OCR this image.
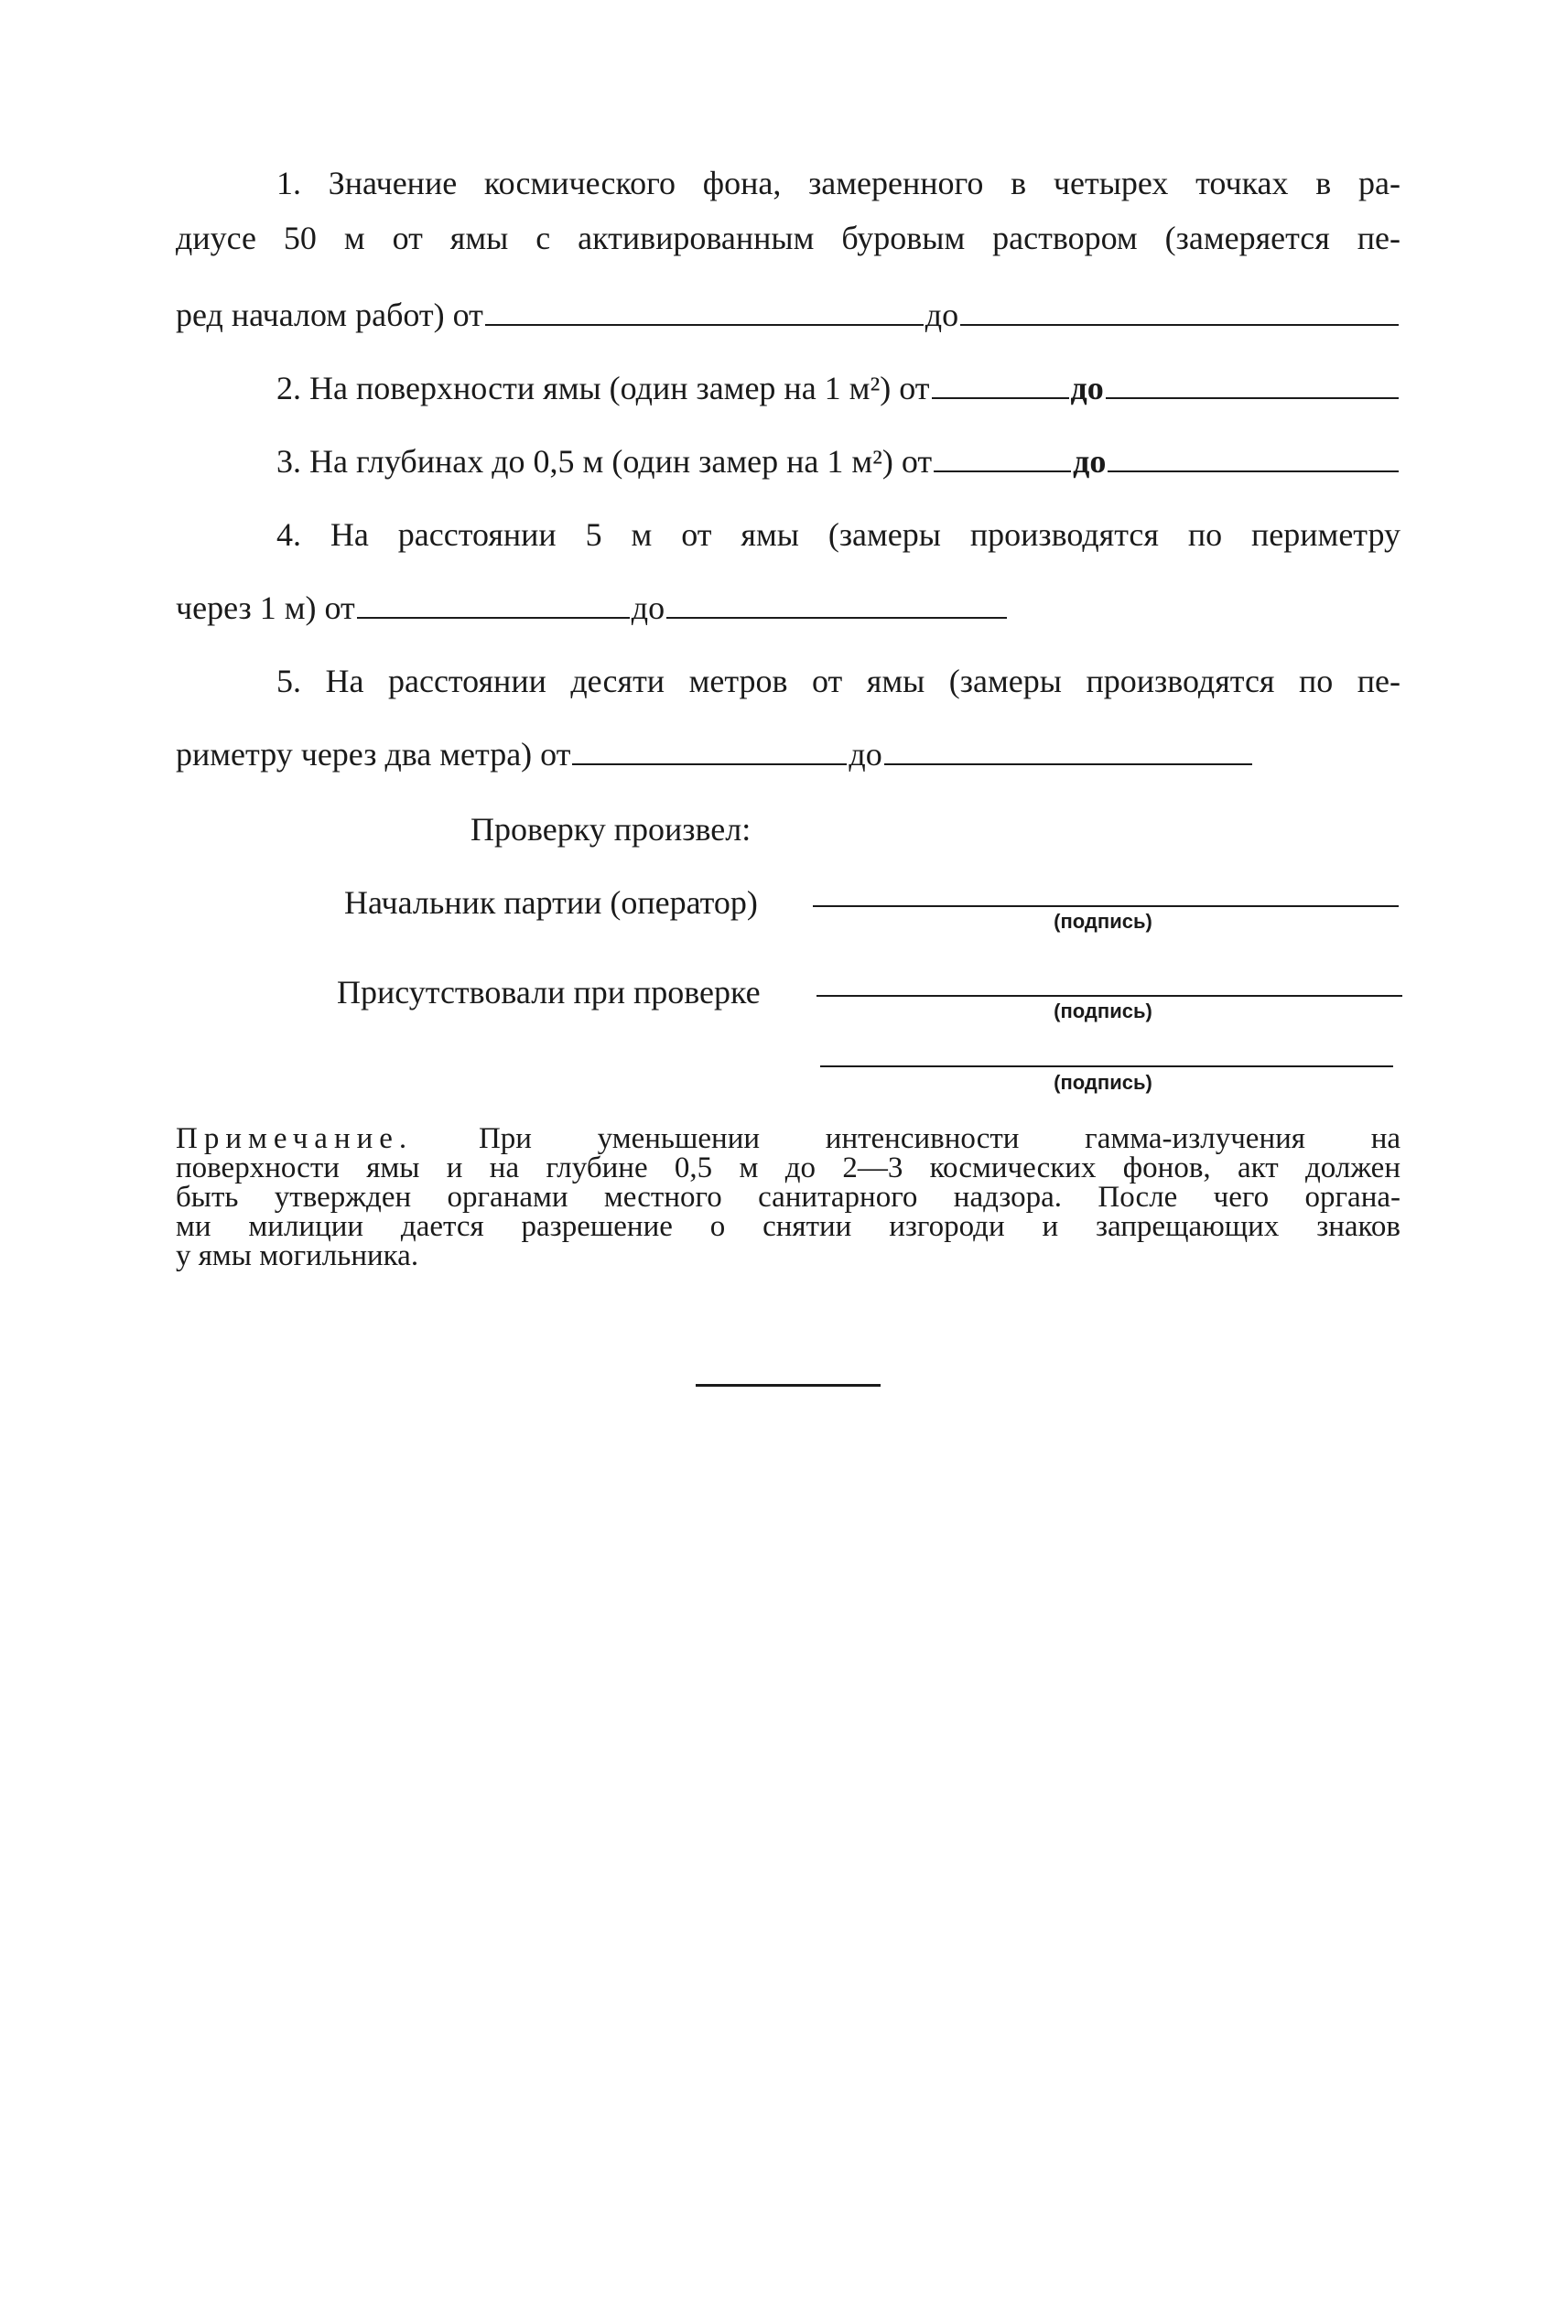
1. Значение космического фона, замеренного в четырех точках в ра-
диусе 50 м от ямы с активированным буровым раствором (замеряется пе-
ред началом работ) от	до
2. На поверхности ямы (один замер на 1 м²) от	до
3. На глубинах до 0,5 м (один замер на 1 м²) от	до
4. На расстоянии 5 м от ямы (замеры производятся по периметру
через 1 м) от	до
5. На расстоянии десяти метров от ямы (замеры производятся по пе-
риметру через два метра) от	до
Проверку произвел:
Начальник партии (оператор)
(подпись)
Присутствовали при проверке
(подпись)
(подпись)

Примечание. При уменьшении интенсивности гамма-излучения на

поверхности ямы и на глубине 0,5 м до 2—3 космических фонов, акт должен

быть утвержден органами местного санитарного надзора. После чего органа-

ми милиции дается разрешение о снятии изгороди и запрещающих знаков

у ямы могильника.
